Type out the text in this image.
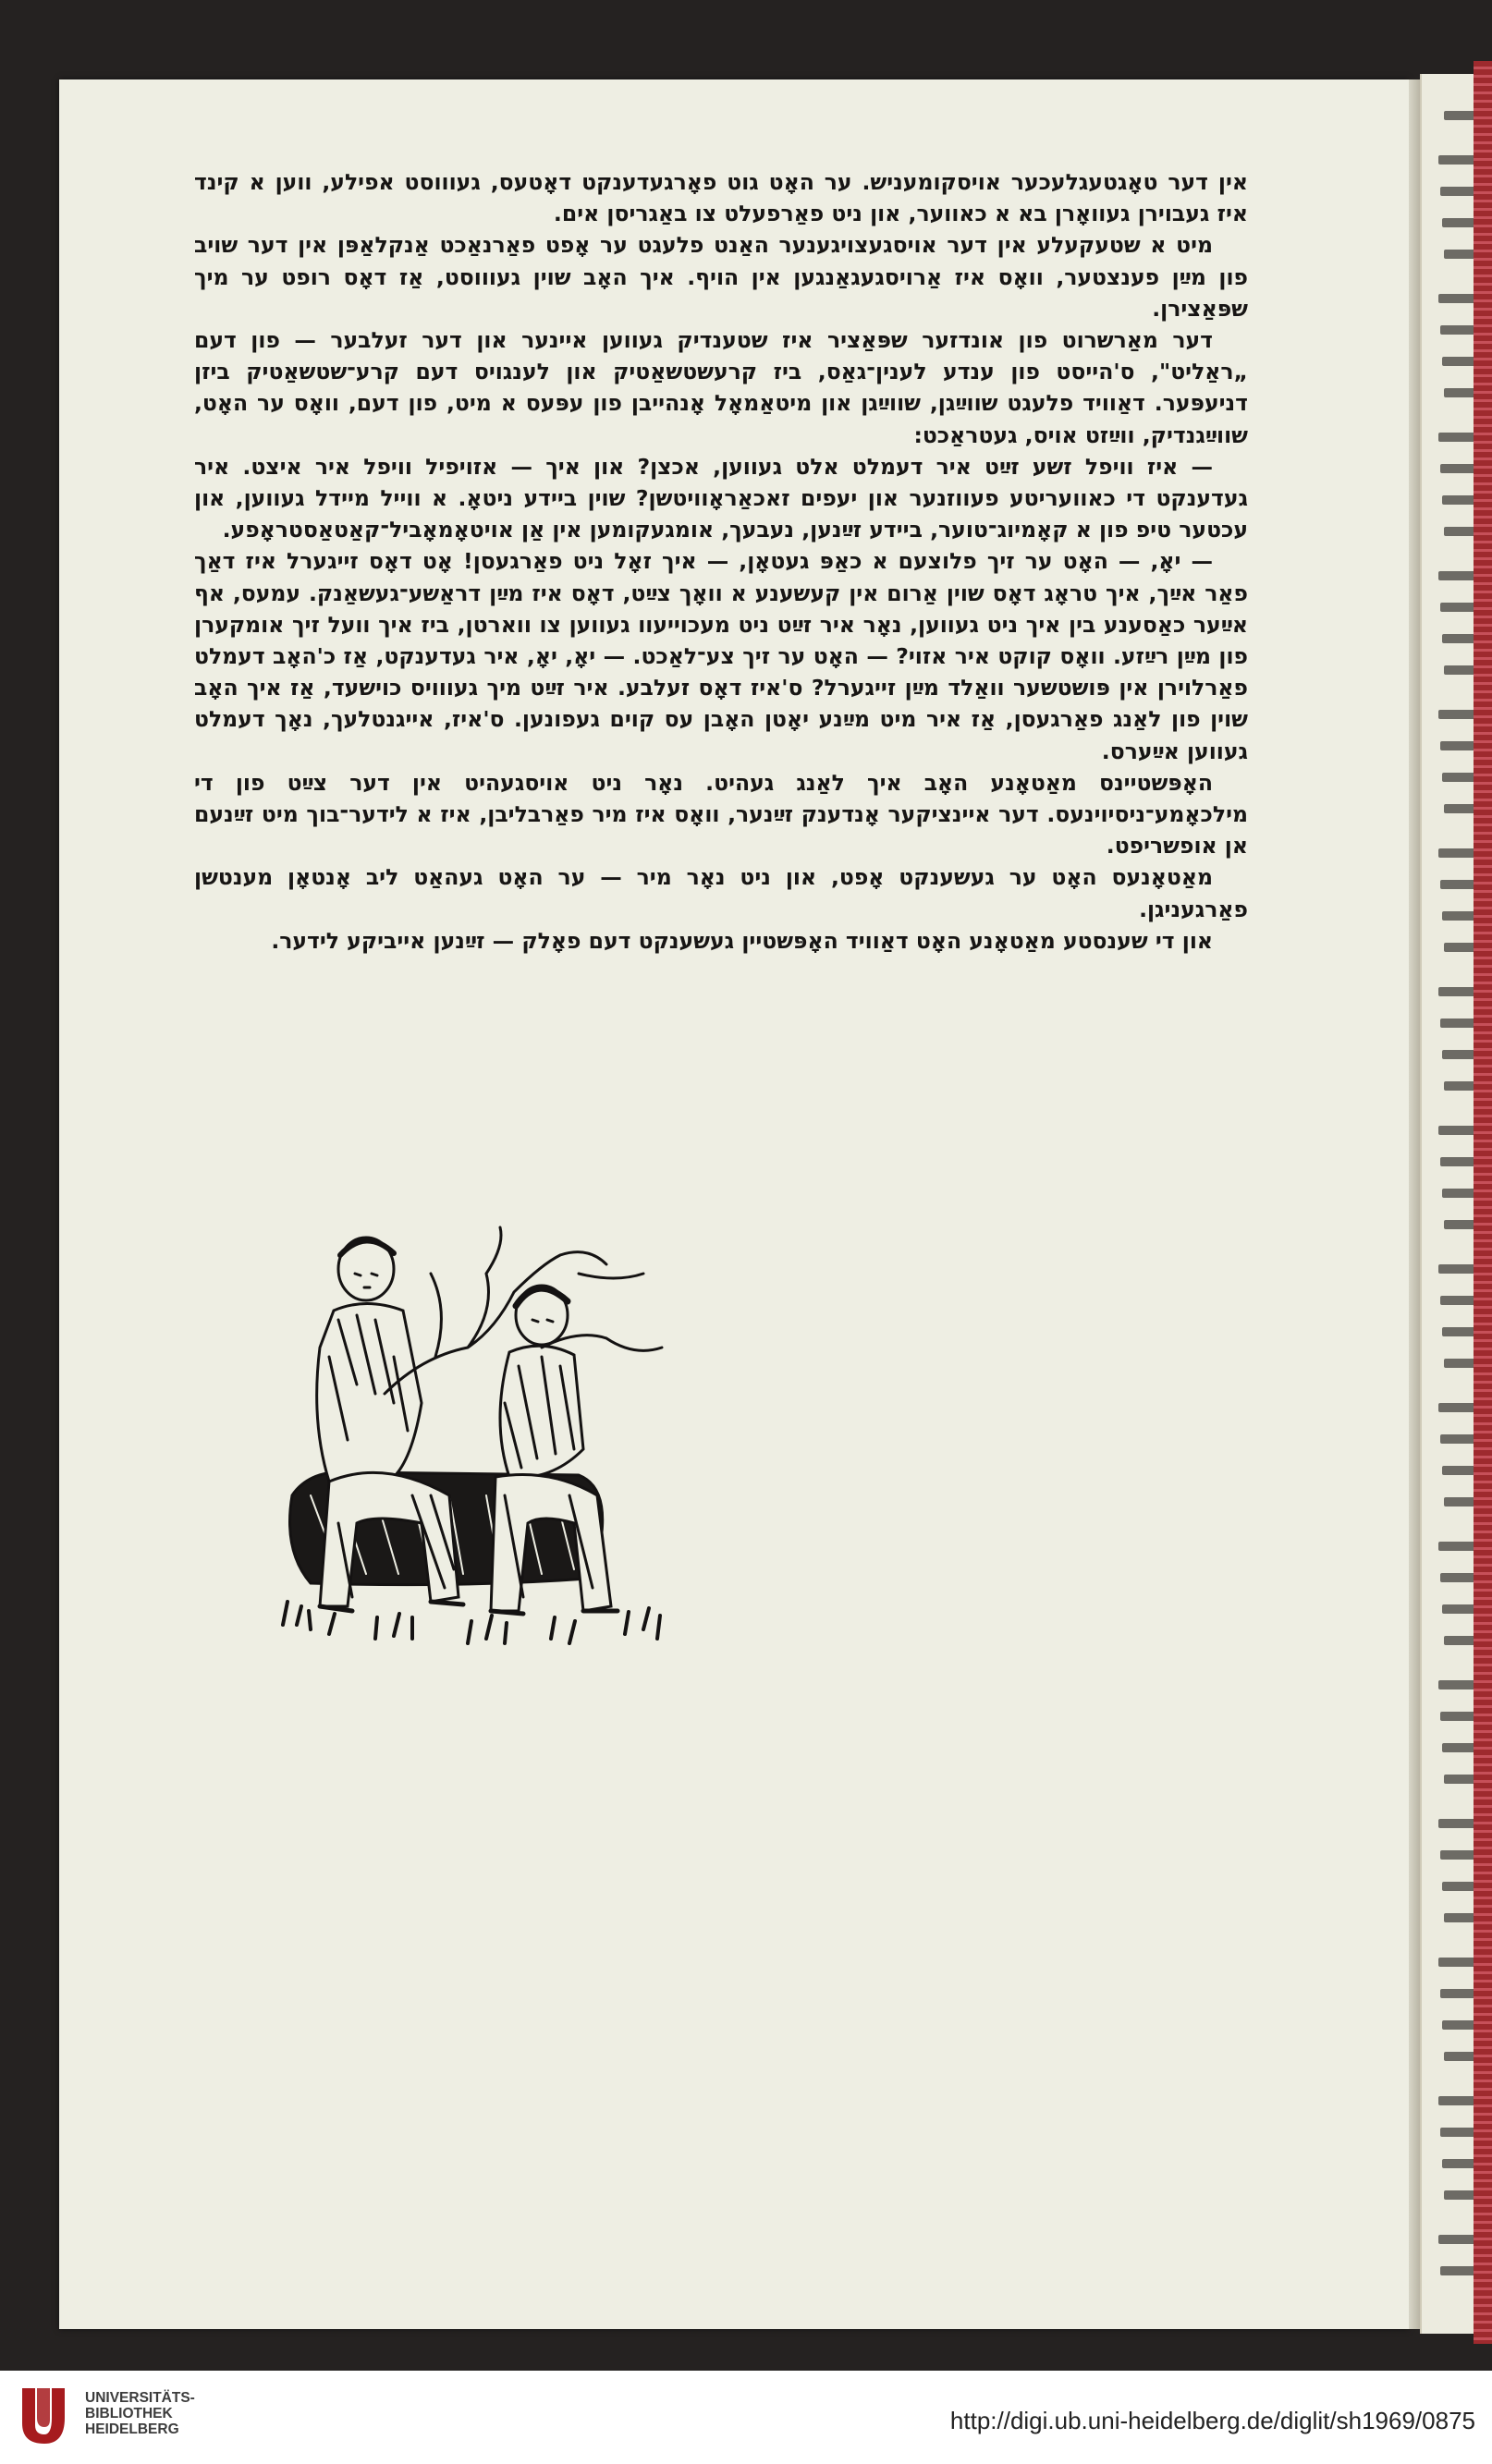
אין דער טאָגטעגלעכער אויסקומעניש. ער האָט גוט פאָרגעדענקט דאָטעס, געוווסט אפילע, ווען א קינד איז געבוירן געוואָרן בא א כאווער, און ניט פאַרפעלט צו באַגריסן אים.

מיט א שטעקעלע אין דער אויסגעצויגענער האַנט פלעגט ער אָפט פאַרנאַכט אַנקלאַפּן אין דער שויב פון מײַן פענצטער, וואָס איז אַרויסגעגאַנגען אין הויף. איך האָב שוין געוווסט, אַז דאָס רופט ער מיך שפּאַצירן.

דער מאַרשרוט פון אונדזער שפּאַציר איז שטענדיק געווען איינער און דער זעלבער — פון דעם „ראַליט", ס'הייסט פון ענדע לענין־גאַס, ביז קרעשטשאַטיק און לענגויס דעם קרע־שטשאַטיק ביזן דניעפּער. דאַוויד פלעגט שווײַגן, שווײַגן און מיטאַמאָל אָנהייבן פון עפּעס א מיט, פון דעם, וואָס ער האָט, שווײַגנדיק, ווײַזט אויס, געטראַכט:

— איז וויפל זשע זײַט איר דעמלט אלט געווען, אכצן? און איך — אזויפיל וויפל איר איצט. איר געדענקט די כאוועריטע פעווזנער און יעפים זאכאַראָוויטשן? שוין ביידע ניטאָ. א ווייל מיידל געווען, און עכטער טיפ פון א קאָמיוג־טוער, ביידע זײַנען, נעבעך, אומגעקומען אין אַן אויטאָמאָביל־קאַטאַסטראָפע.

— יאָ, — האָט ער זיך פלוצעם א כאַפּ געטאָן, — איך זאָל ניט פאַרגעסן! אָט דאָס זייגערל איז דאַך פאַר אײַך, איך טראָג דאָס שוין אַרום אין קעשענע א וואָך צײַט, דאָס איז מײַן דראַשע־געשאַנק. עמעס, אף אײַער כאַסענע בין איך ניט געווען, נאָר איר זײַט ניט מעכוייעוו געווען צו ווארטן, ביז איך וועל זיך אומקערן פון מײַן רײַזע. וואָס קוקט איר אזוי? — האָט ער זיך צע־לאַכט. — יאָ, יאָ, איר געדענקט, אַז כ'האָב דעמלט פאַרלוירן אין פּושטשער וואַלד מײַן זייגערל? ס'איז דאָס זעלבע. איר זײַט מיך געווויס כוישעד, אַז איך האָב שוין פון לאַנג פאַרגעסן, אַז איר מיט מײַנע יאָטן האָבן עס קוים געפונען. ס'איז, אייגנטלעך, נאָך דעמלט געווען אײַערס.

האָפּשטיינס מאַטאָנע האָב איך לאַנג געהיט. נאָר ניט אויסגעהיט אין דער צײַט פון די מילכאָמע־ניסיוינעס. דער איינציקער אָנדענק זײַנער, וואָס איז מיר פאַרבליבן, איז א לידער־בוך מיט זײַנעם אן אופשריפט.

מאַטאָנעס האָט ער געשענקט אָפט, און ניט נאָר מיר — ער האָט געהאַט ליב אָנטאָן מענטשן פאַרגעניגן.

און די שענסטע מאַטאָנע האָט דאַוויד האָפּשטיין געשענקט דעם פאָלק — זײַנען אייביקע לידער.

UNIVERSITÄTS-
BIBLIOTHEK
HEIDELBERG	http://digi.ub.uni-heidelberg.de/diglit/sh1969/0875
